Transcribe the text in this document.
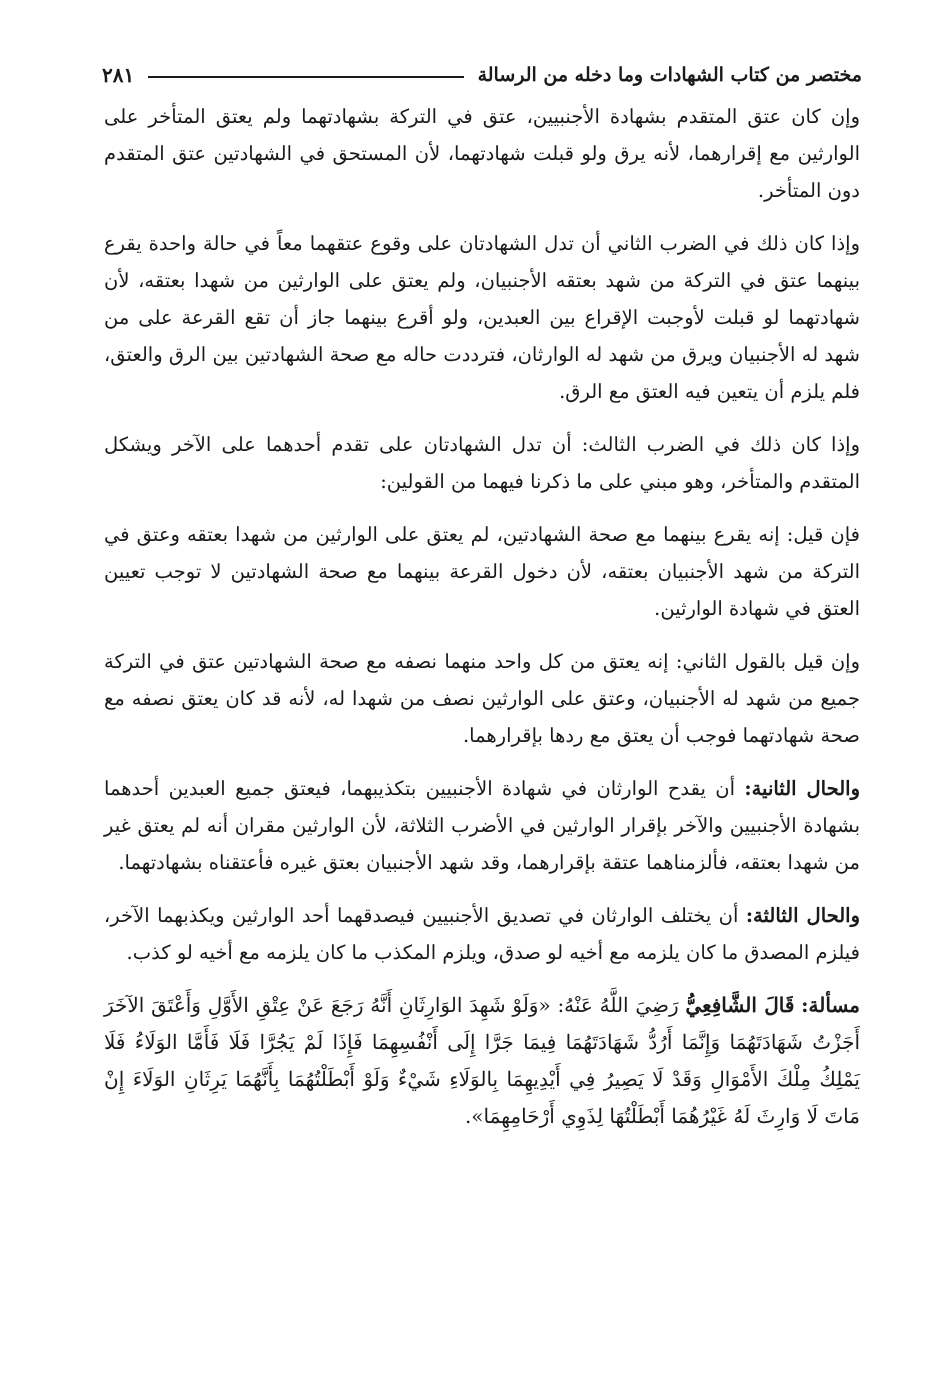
مختصر من كتاب الشهادات وما دخله من الرسالة
٢٨١

وإن كان عتق المتقدم بشهادة الأجنبيين، عتق في التركة بشهادتهما ولم يعتق المتأخر على الوارثين مع إقرارهما، لأنه يرق ولو قبلت شهادتهما، لأن المستحق في الشهادتين عتق المتقدم دون المتأخر.

وإذا كان ذلك في الضرب الثاني أن تدل الشهادتان على وقوع عتقهما معاً في حالة واحدة يقرع بينهما عتق في التركة من شهد بعتقه الأجنبيان، ولم يعتق على الوارثين من شهدا بعتقه، لأن شهادتهما لو قبلت لأوجبت الإقراع بين العبدين، ولو أقرع بينهما جاز أن تقع القرعة على من شهد له الأجنبيان ويرق من شهد له الوارثان، فترددت حاله مع صحة الشهادتين بين الرق والعتق، فلم يلزم أن يتعين فيه العتق مع الرق.

وإذا كان ذلك في الضرب الثالث: أن تدل الشهادتان على تقدم أحدهما على الآخر ويشكل المتقدم والمتأخر، وهو مبني على ما ذكرنا فيهما من القولين:

فإن قيل: إنه يقرع بينهما مع صحة الشهادتين، لم يعتق على الوارثين من شهدا بعتقه وعتق في التركة من شهد الأجنبيان بعتقه، لأن دخول القرعة بينهما مع صحة الشهادتين لا توجب تعيين العتق في شهادة الوارثين.

وإن قيل بالقول الثاني: إنه يعتق من كل واحد منهما نصفه مع صحة الشهادتين عتق في التركة جميع من شهد له الأجنبيان، وعتق على الوارثين نصف من شهدا له، لأنه قد كان يعتق نصفه مع صحة شهادتهما فوجب أن يعتق مع ردها بإقرارهما.

والحال الثانية: أن يقدح الوارثان في شهادة الأجنبيين بتكذيبهما، فيعتق جميع العبدين أحدهما بشهادة الأجنبيين والآخر بإقرار الوارثين في الأضرب الثلاثة، لأن الوارثين مقران أنه لم يعتق غير من شهدا بعتقه، فألزمناهما عتقة بإقرارهما، وقد شهد الأجنبيان بعتق غيره فأعتقناه بشهادتهما.

والحال الثالثة: أن يختلف الوارثان في تصديق الأجنبيين فيصدقهما أحد الوارثين ويكذبهما الآخر، فيلزم المصدق ما كان يلزمه مع أخيه لو صدق، ويلزم المكذب ما كان يلزمه مع أخيه لو كذب.

مسألة: قَالَ الشَّافِعِيُّ رَضِيَ اللَّهُ عَنْهُ: «وَلَوْ شَهِدَ الوَارِثَانِ أَنَّهُ رَجَعَ عَنْ عِتْقِ الأَوَّلِ وَأَعْتَقَ الآخَرَ أَجَزْتُ شَهَادَتَهُمَا وَإِنَّمَا أَرُدُّ شَهَادَتَهُمَا فِيمَا جَرَّا إِلَى أَنْفُسِهِمَا فَإِذَا لَمْ يَجُرَّا فَلَا فَأَمَّا الوَلَاءُ فَلَا يَمْلِكُ مِلْكَ الأَمْوَالِ وَقَدْ لَا يَصِيرُ فِي أَيْدِيهِمَا بِالوَلَاءِ شَيْءٌ وَلَوْ أَبْطَلْتُهُمَا بِأَنَّهُمَا يَرِثَانِ الوَلَاءَ إِنْ مَاتَ لَا وَارِثَ لَهُ غَيْرُهُمَا أَبْطَلْتُهَا لِذَوِي أَرْحَامِهِمَا».
